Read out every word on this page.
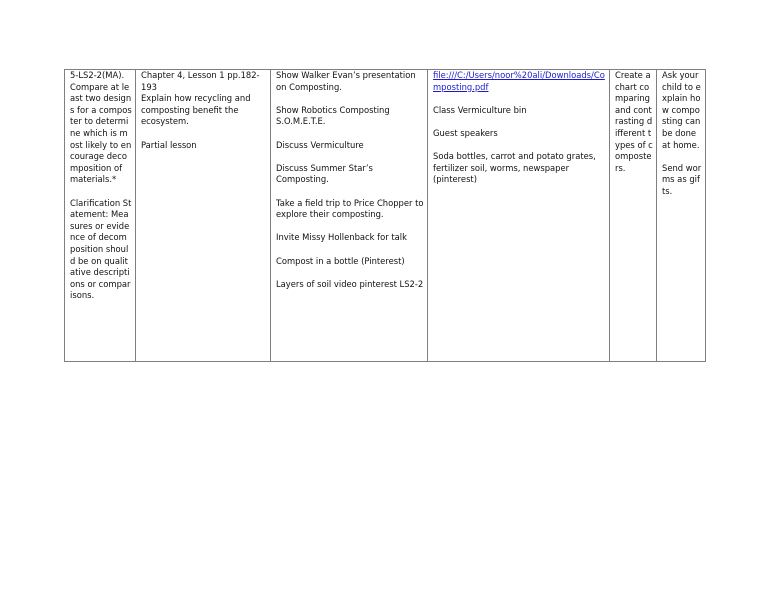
5-LS2-2(MA). Compare at least two designs for a composter to determine which is most likely to encourage decomposition of materials.*
Clarification Statement: Measures or evidence of decomposition should be on qualitative descriptions or comparisons.

Chapter 4, Lesson 1 pp.182-193
Explain how recycling and composting benefit the ecosystem.
Partial lesson

Show Walker Evan’s presentation on Composting.
Show Robotics Composting S.O.M.E.T.E.
Discuss Vermiculture
Discuss Summer Star’s Composting.
Take a field trip to Price Chopper to explore their composting.
Invite Missy Hollenback for talk
Compost in a bottle (Pinterest)
Layers of soil video pinterest LS2-2

file:///C:/Users/noor%20ali/Downloads/Composting.pdf
Class Vermiculture bin
Guest speakers
Soda bottles, carrot and potato grates, fertilizer soil, worms, newspaper (pinterest)

Create a chart comparing and contrasting different types of composters.

Ask your child to explain how composting can be done at home.
Send worms as gifts.
